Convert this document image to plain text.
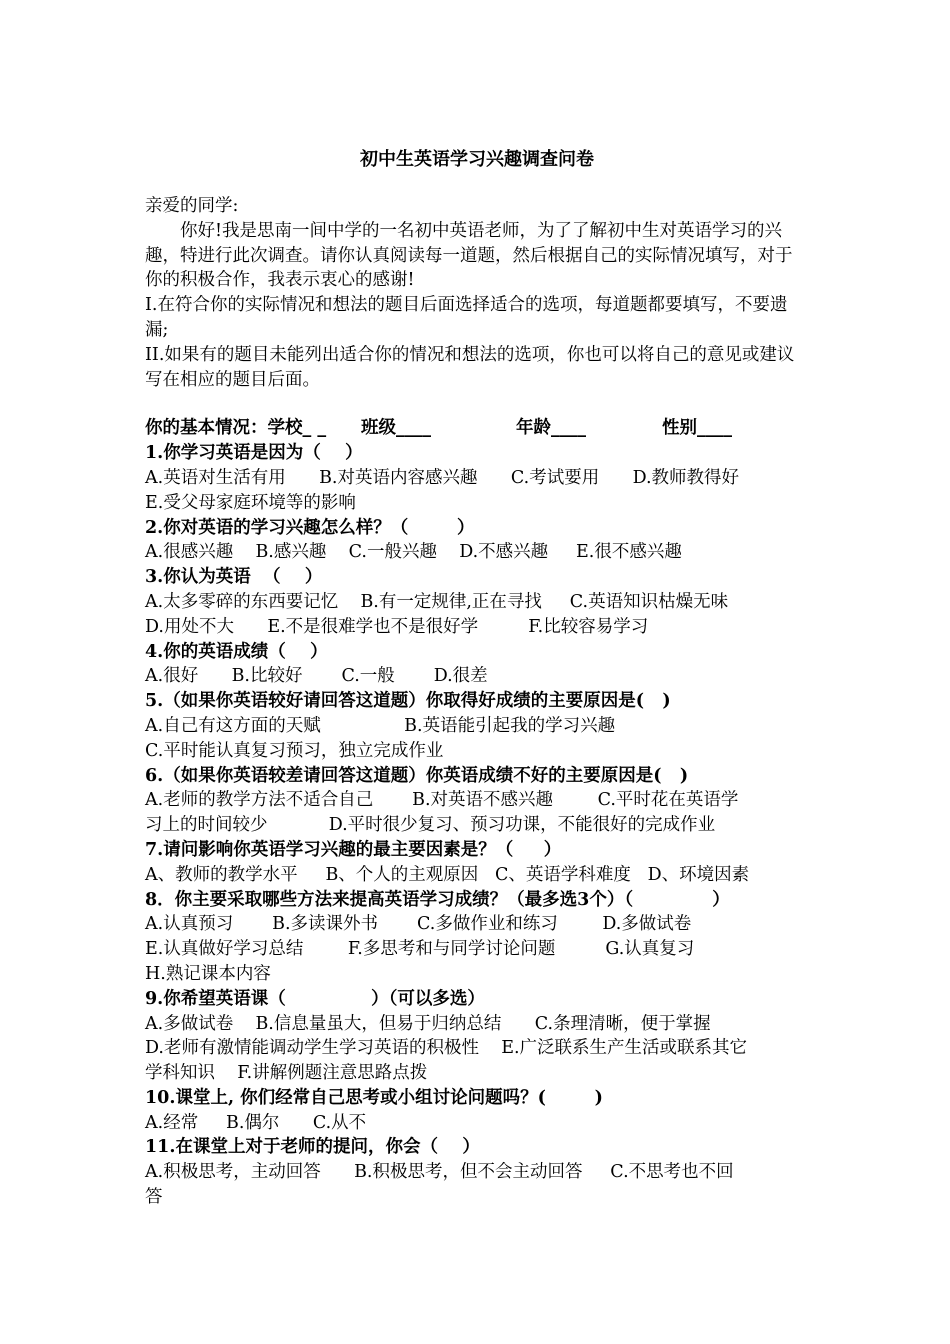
初中生英语学习兴趣调查问卷

亲爱的同学:

你好!我是思南一间中学的一名初中英语老师，为了了解初中生对英语学习的兴趣，特进行此次调查。请你认真阅读每一道题，然后根据自己的实际情况填写，对于你的积极合作，我表示衷心的感谢!

I.在符合你的实际情况和想法的题目后面选择适合的选项，每道题都要填写，不要遗漏;

II.如果有的题目未能列出适合你的情况和想法的选项，你也可以将自己的意见或建议写在相应的题目后面。

你的基本情况：学校_ _	班级____	年龄____	性别____

1.你学习英语是因为（    ）

A.英语对生活有用      B.对英语内容感兴趣      C.考试要用      D.教师教得好

E.受父母家庭环境等的影响

2.你对英语的学习兴趣怎么样？（        ）

A.很感兴趣    B.感兴趣    C.一般兴趣    D.不感兴趣     E.很不感兴趣

3.你认为英语  （    ）

A.太多零碎的东西要记忆    B.有一定规律,正在寻找     C.英语知识枯燥无味

D.用处不大      E.不是很难学也不是很好学         F.比较容易学习

4.你的英语成绩（    ）

A.很好      B.比较好       C.一般       D.很差

5.（如果你英语较好请回答这道题）你取得好成绩的主要原因是(   )

A.自己有这方面的天赋               B.英语能引起我的学习兴趣

C.平时能认真复习预习，独立完成作业

6.（如果你英语较差请回答这道题）你英语成绩不好的主要原因是(   )

A.老师的教学方法不适合自己       B.对英语不感兴趣        C.平时花在英语学

习上的时间较少           D.平时很少复习、预习功课，不能很好的完成作业

7.请问影响你英语学习兴趣的最主要因素是？（     ）

A、教师的教学水平     B、个人的主观原因   C、英语学科难度   D、环境因素

8．你主要采取哪些方法来提高英语学习成绩？（最多选3个）（             ）

A.认真预习       B.多读课外书       C.多做作业和练习        D.多做试卷

E.认真做好学习总结        F.多思考和与同学讨论问题         G.认真复习

H.熟记课本内容

9.你希望英语课（              ）（可以多选）

A.多做试卷    B.信息量虽大，但易于归纳总结      C.条理清晰，便于掌握

D.老师有激情能调动学生学习英语的积极性    E.广泛联系生产生活或联系其它

学科知识    F.讲解例题注意思路点拨

10.课堂上, 你们经常自己思考或小组讨论问题吗？(        )

A.经常     B.偶尔      C.从不

11.在课堂上对于老师的提问，你会（    ）

A.积极思考，主动回答      B.积极思考，但不会主动回答     C.不思考也不回

答
